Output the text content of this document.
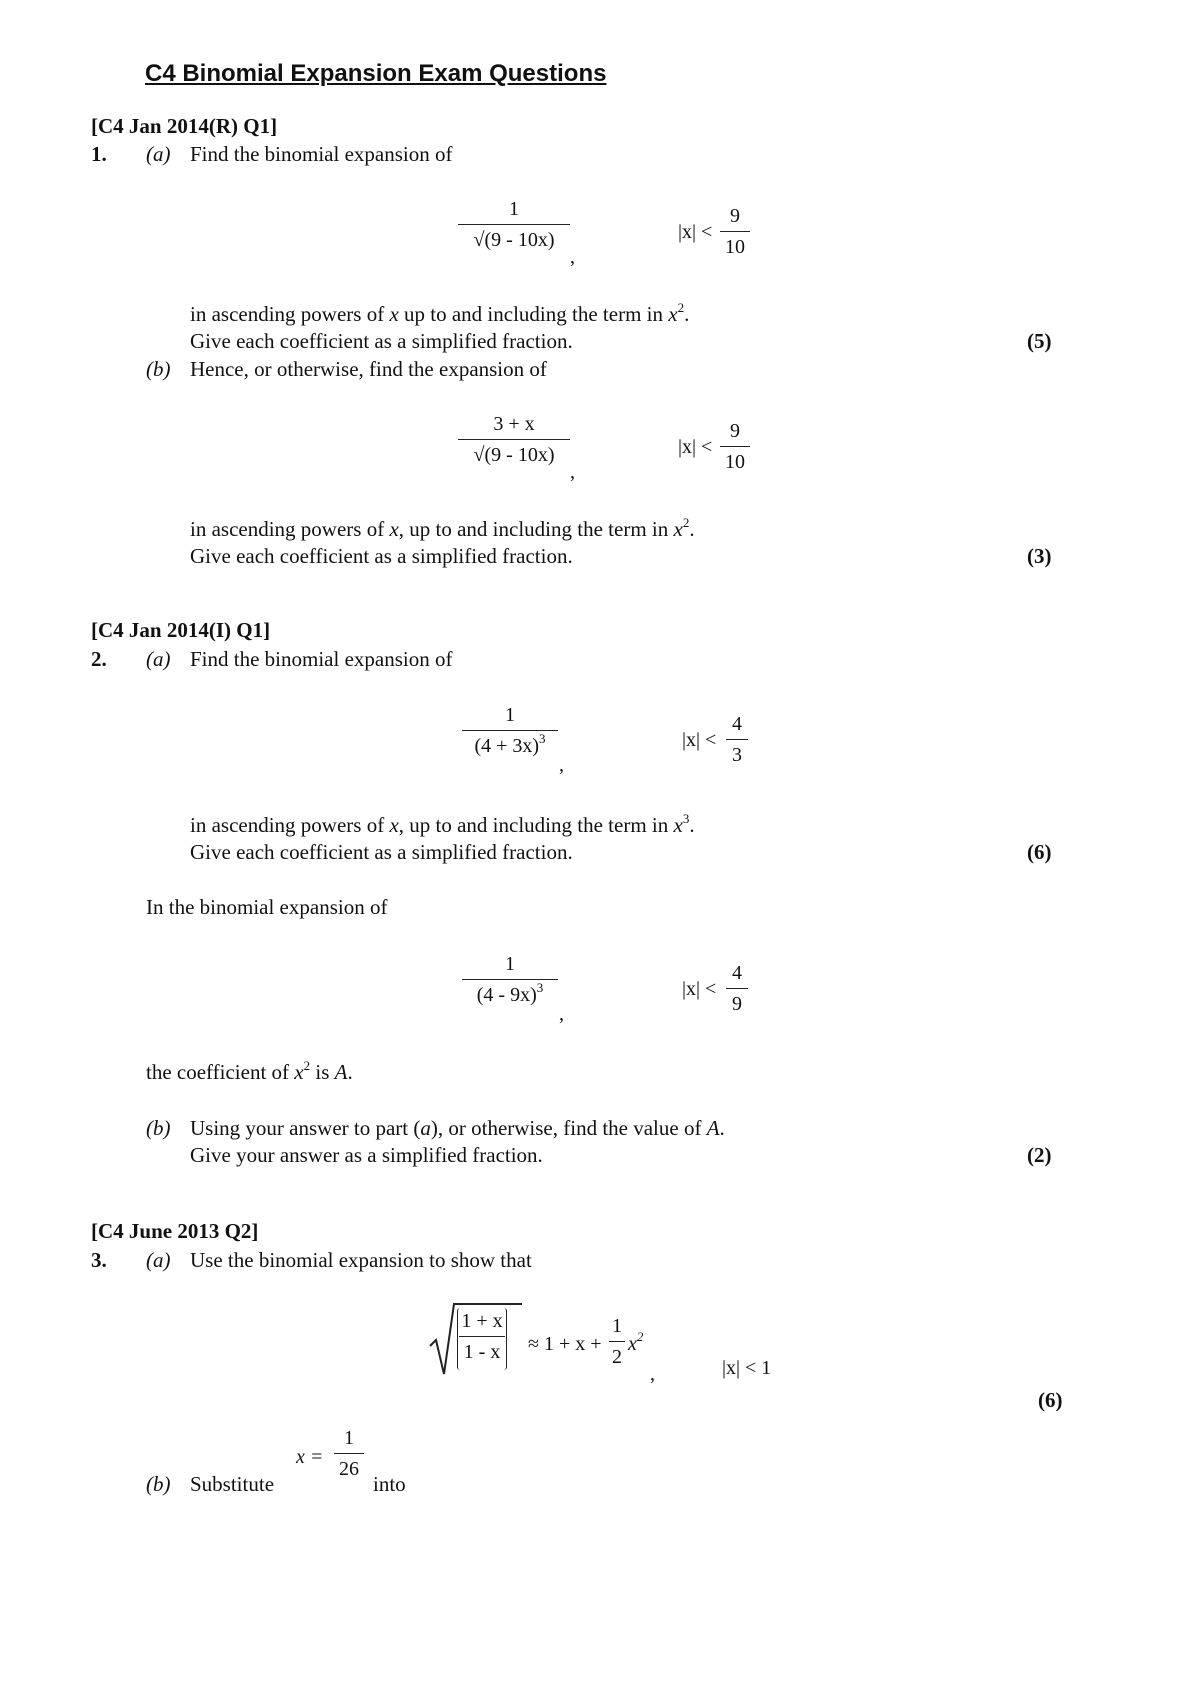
C4 Binomial Expansion Exam Questions
[C4 Jan 2014(R) Q1]
1. (a) Find the binomial expansion of
1
√(9 - 10x)
,
|x| <
9
10
in ascending powers of x up to and including the term in $x^2$.
Give each coefficient as a simplified fraction.	(5)
(b) Hence, or otherwise, find the expansion of
3 + x
√(9 - 10x)
,
|x| <
9
10
in ascending powers of x, up to and including the term in $x^2$.
Give each coefficient as a simplified fraction.	(3)
[C4 Jan 2014(I) Q1]
2. (a) Find the binomial expansion of
1
$(4 + 3x)^3$
,
|x| <
4
3
in ascending powers of x, up to and including the term in $x^3$.
Give each coefficient as a simplified fraction.	(6)
In the binomial expansion of
1
(4 - 9x)$^3$
,
|x| <
4
9
the coefficient of $x^2$ is A.
(b) Using your answer to part (a), or otherwise, find the value of A.
Give your answer as a simplified fraction.	(2)
[C4 June 2013 Q2]
3. (a) Use the binomial expansion to show that
1 + x
1 - x ≈ 1 + x +
1
2
$x^2$
,	|x| < 1
(6)
(b) Substitute
x =
1
26
into
